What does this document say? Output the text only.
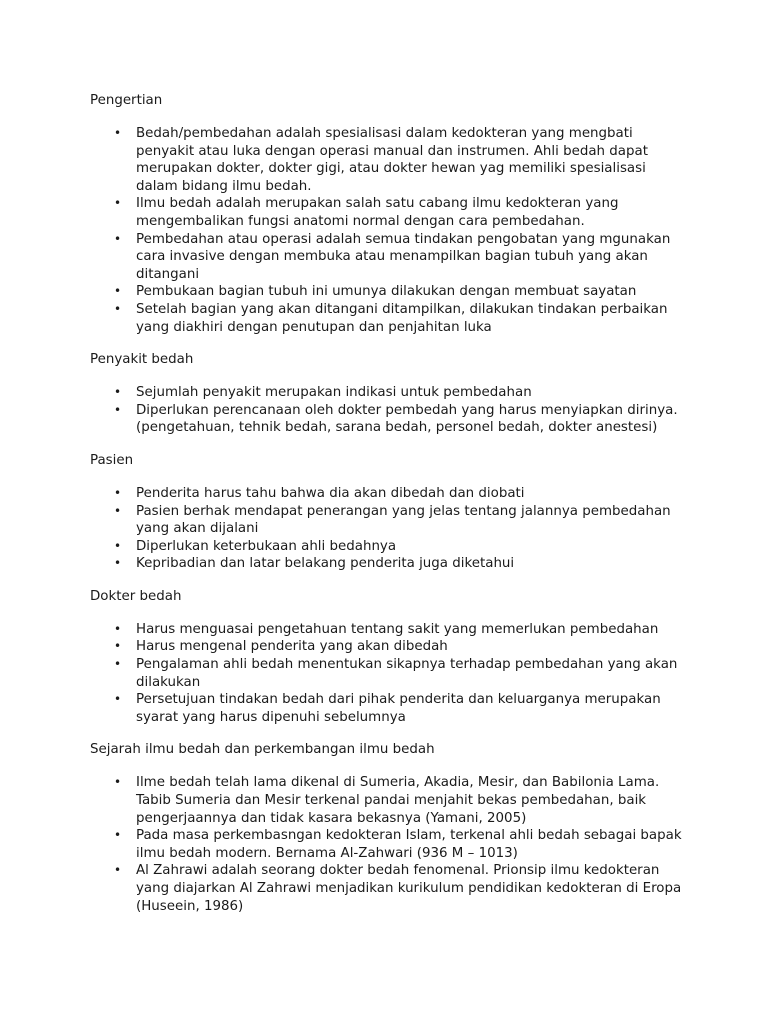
Pengertian
• Bedah/pembedahan adalah spesialisasi dalam kedokteran yang mengbati penyakit atau luka dengan operasi manual dan instrumen. Ahli bedah dapat merupakan dokter, dokter gigi, atau dokter hewan yag memiliki spesialisasi dalam bidang ilmu bedah.
• Ilmu bedah adalah merupakan salah satu cabang ilmu kedokteran yang mengembalikan fungsi anatomi normal dengan cara pembedahan.
• Pembedahan atau operasi adalah semua tindakan pengobatan yang mgunakan cara invasive dengan membuka atau menampilkan bagian tubuh yang akan ditangani
• Pembukaan bagian tubuh ini umunya dilakukan dengan membuat sayatan
• Setelah bagian yang akan ditangani ditampilkan, dilakukan tindakan perbaikan yang diakhiri dengan penutupan dan penjahitan luka
Penyakit bedah
• Sejumlah penyakit merupakan indikasi untuk pembedahan
• Diperlukan perencanaan oleh dokter pembedah yang harus menyiapkan dirinya. (pengetahuan, tehnik bedah, sarana bedah, personel bedah, dokter anestesi)
Pasien
• Penderita harus tahu bahwa dia akan dibedah dan diobati
• Pasien berhak mendapat penerangan yang jelas tentang jalannya pembedahan yang akan dijalani
• Diperlukan keterbukaan ahli bedahnya
• Kepribadian dan latar belakang penderita juga diketahui
Dokter bedah
• Harus menguasai pengetahuan tentang sakit yang memerlukan pembedahan
• Harus mengenal penderita yang akan dibedah
• Pengalaman ahli bedah menentukan sikapnya terhadap pembedahan yang akan dilakukan
• Persetujuan tindakan bedah dari pihak penderita dan keluarganya merupakan syarat yang harus dipenuhi sebelumnya
Sejarah ilmu bedah dan perkembangan ilmu bedah
• Ilme bedah telah lama dikenal di Sumeria, Akadia, Mesir, dan Babilonia Lama. Tabib Sumeria dan Mesir terkenal pandai menjahit bekas pembedahan, baik pengerjaannya dan tidak kasara bekasnya (Yamani, 2005)
• Pada masa perkembasngan kedokteran Islam, terkenal ahli bedah sebagai bapak ilmu bedah modern. Bernama Al-Zahwari (936 M – 1013)
• Al Zahrawi adalah seorang dokter bedah fenomenal. Prionsip ilmu kedokteran yang diajarkan Al Zahrawi menjadikan kurikulum pendidikan kedokteran di Eropa (Huseein, 1986)
